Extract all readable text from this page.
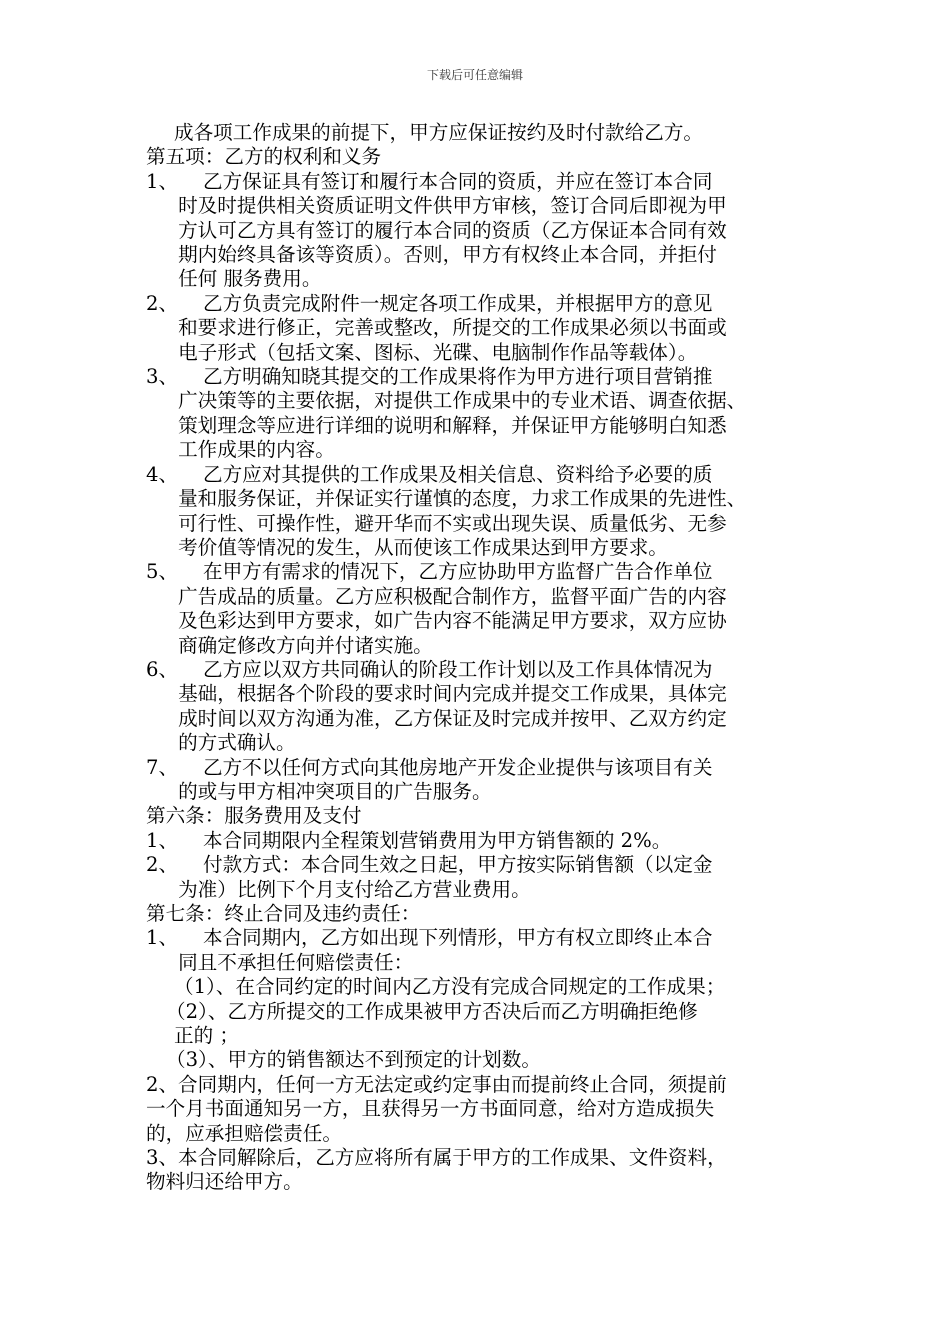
下载后可任意编辑

成各项工作成果的前提下，甲方应保证按约及时付款给乙方。

第五项：乙方的权利和义务

1、 乙方保证具有签订和履行本合同的资质，并应在签订本合同
时及时提供相关资质证明文件供甲方审核，签订合同后即视为甲
方认可乙方具有签订的履行本合同的资质（乙方保证本合同有效
期内始终具备该等资质）。否则，甲方有权终止本合同，并拒付
任何 服务费用。
2、 乙方负责完成附件一规定各项工作成果，并根据甲方的意见
和要求进行修正，完善或整改，所提交的工作成果必须以书面或
电子形式（包括文案、图标、光碟、电脑制作作品等载体）。
3、 乙方明确知晓其提交的工作成果将作为甲方进行项目营销推
广决策等的主要依据，对提供工作成果中的专业术语、调查依据、
策划理念等应进行详细的说明和解释，并保证甲方能够明白知悉
工作成果的内容。
4、 乙方应对其提供的工作成果及相关信息、资料给予必要的质
量和服务保证，并保证实行谨慎的态度，力求工作成果的先进性、
可行性、可操作性，避开华而不实或出现失误、质量低劣、无参
考价值等情况的发生，从而使该工作成果达到甲方要求。
5、 在甲方有需求的情况下，乙方应协助甲方监督广告合作单位
广告成品的质量。乙方应积极配合制作方，监督平面广告的内容
及色彩达到甲方要求，如广告内容不能满足甲方要求，双方应协
商确定修改方向并付诸实施。
6、 乙方应以双方共同确认的阶段工作计划以及工作具体情况为
基础，根据各个阶段的要求时间内完成并提交工作成果，具体完
成时间以双方沟通为准，乙方保证及时完成并按甲、乙双方约定
的方式确认。
7、 乙方不以任何方式向其他房地产开发企业提供与该项目有关
的或与甲方相冲突项目的广告服务。

第六条：服务费用及支付

1、 本合同期限内全程策划营销费用为甲方销售额的 2%。
2、 付款方式：本合同生效之日起，甲方按实际销售额（以定金
为准）比例下个月支付给乙方营业费用。

第七条：终止合同及违约责任：

1、 本合同期内，乙方如出现下列情形，甲方有权立即终止本合
同且不承担任何赔偿责任：

（1）、在合同约定的时间内乙方没有完成合同规定的工作成果；

（2）、乙方所提交的工作成果被甲方否决后而乙方明确拒绝修

正的 ；

（3）、甲方的销售额达不到预定的计划数。

2、合同期内，任何一方无法定或约定事由而提前终止合同，须提前

一个月书面通知另一方，且获得另一方书面同意，给对方造成损失

的，应承担赔偿责任。

3、本合同解除后，乙方应将所有属于甲方的工作成果、文件资料，

物料归还给甲方。
